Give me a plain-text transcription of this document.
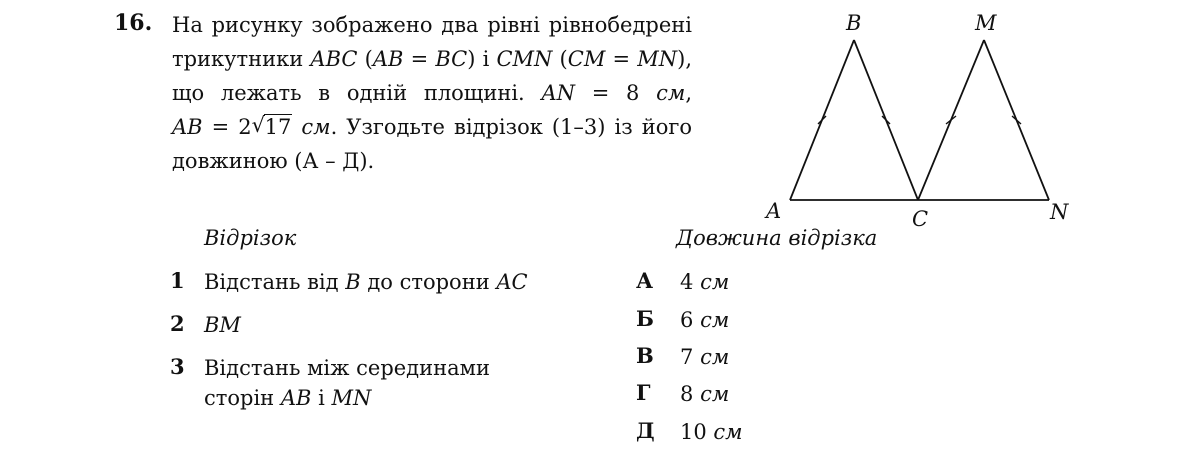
16. На рисунку зображено два рівні рівнобедрені
трикутники ABC (AB = BC) і CMN (CM = MN),
що лежать в одній площині. AN = 8 см,
AB = 2 √ 17 см. Узгодьте відрізок (1–3) із його
довжиною (А – Д).
B	M
A	C	N
Відрізок	Довжина відрізка
1 Відстань від B до сторони AC
2 BM
3 Відстань між серединами
сторін AB і MN
А 4 см
Б 6 см
В 7 см
Г 8 см
Д 10 см
